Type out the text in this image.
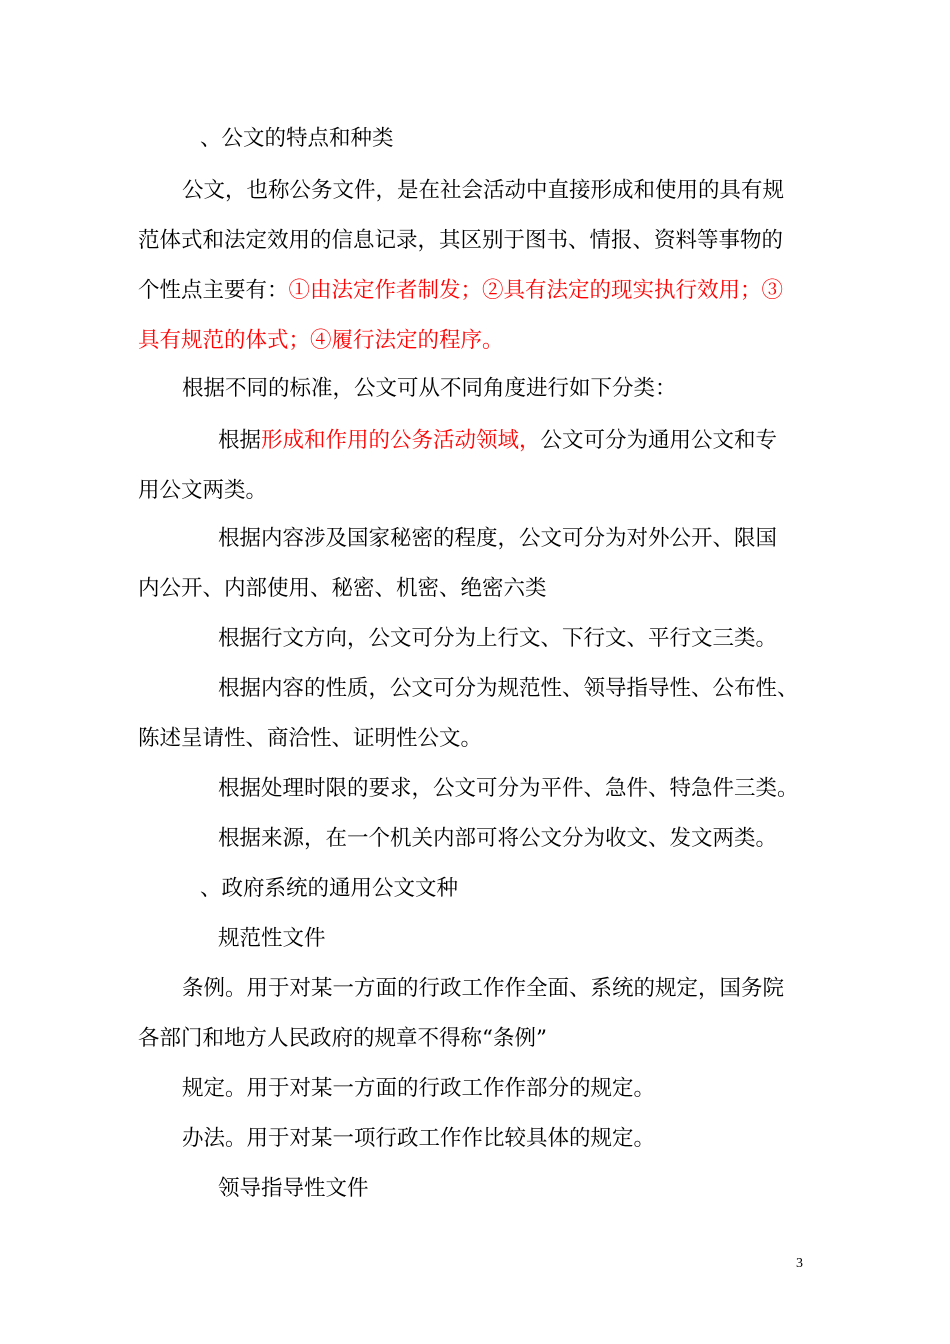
、公文的特点和种类

公文，也称公务文件，是在社会活动中直接形成和使用的具有规

范体式和法定效用的信息记录，其区别于图书、情报、资料等事物的

个性点主要有：①由法定作者制发；②具有法定的现实执行效用；③

具有规范的体式；④履行法定的程序。

根据不同的标准，公文可从不同角度进行如下分类：

根据形成和作用的公务活动领域，公文可分为通用公文和专

用公文两类。

根据内容涉及国家秘密的程度，公文可分为对外公开、限国

内公开、内部使用、秘密、机密、绝密六类

根据行文方向，公文可分为上行文、下行文、平行文三类。

根据内容的性质，公文可分为规范性、领导指导性、公布性、

陈述呈请性、商洽性、证明性公文。

根据处理时限的要求，公文可分为平件、急件、特急件三类。

根据来源，在一个机关内部可将公文分为收文、发文两类。

、政府系统的通用公文文种

规范性文件

条例。用于对某一方面的行政工作作全面、系统的规定，国务院

各部门和地方人民政府的规章不得称“条例”

规定。用于对某一方面的行政工作作部分的规定。

办法。用于对某一项行政工作作比较具体的规定。

领导指导性文件

3
